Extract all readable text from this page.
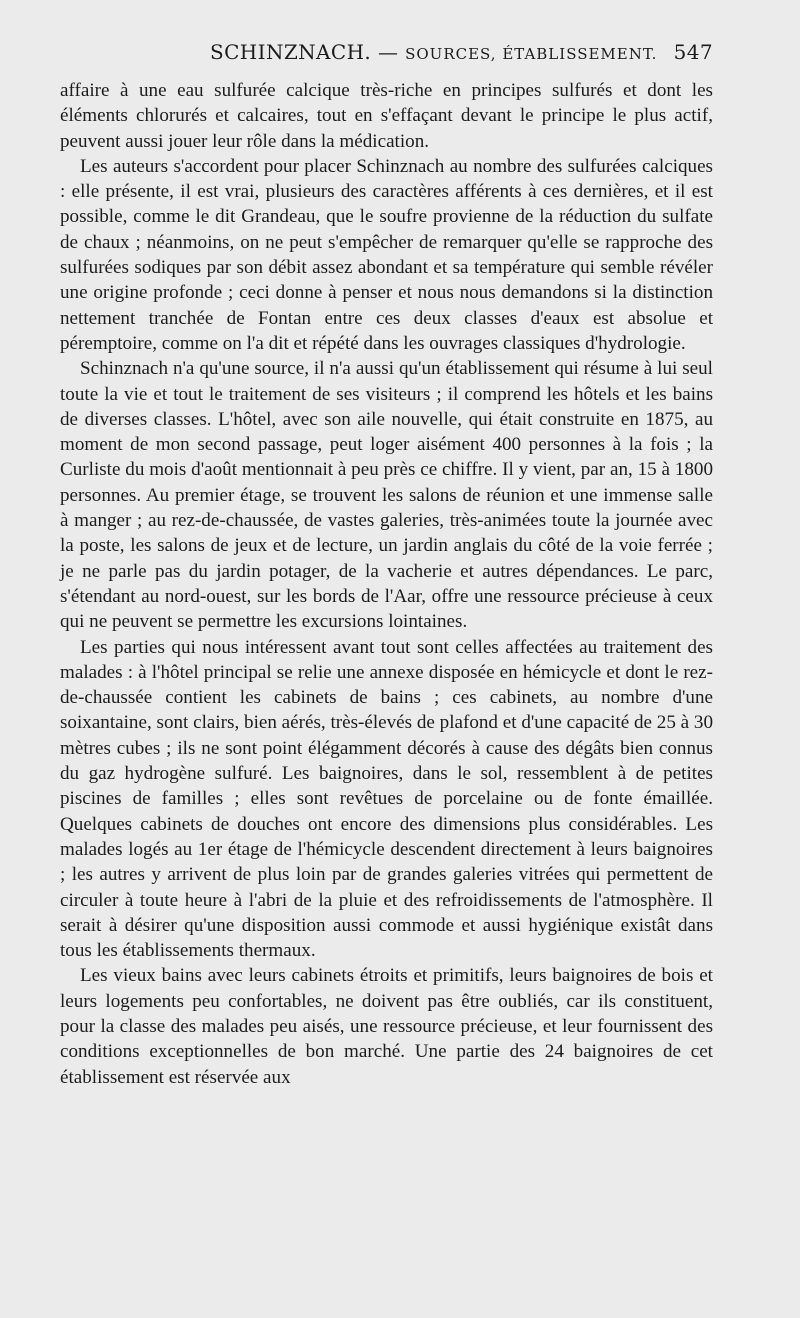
SCHINZNACH. — SOURCES, ÉTABLISSEMENT. 547

affaire à une eau sulfurée calcique très-riche en principes sulfurés et dont les éléments chlorurés et calcaires, tout en s'effaçant devant le principe le plus actif, peuvent aussi jouer leur rôle dans la médication.

Les auteurs s'accordent pour placer Schinznach au nombre des sulfurées calciques : elle présente, il est vrai, plusieurs des caractères afférents à ces dernières, et il est possible, comme le dit Grandeau, que le soufre provienne de la réduction du sulfate de chaux ; néanmoins, on ne peut s'empêcher de remarquer qu'elle se rapproche des sulfurées sodiques par son débit assez abondant et sa température qui semble révéler une origine profonde ; ceci donne à penser et nous nous demandons si la distinction nettement tranchée de Fontan entre ces deux classes d'eaux est absolue et péremptoire, comme on l'a dit et répété dans les ouvrages classiques d'hydrologie.

Schinznach n'a qu'une source, il n'a aussi qu'un établissement qui résume à lui seul toute la vie et tout le traitement de ses visiteurs ; il comprend les hôtels et les bains de diverses classes. L'hôtel, avec son aile nouvelle, qui était construite en 1875, au moment de mon second passage, peut loger aisément 400 personnes à la fois ; la Curliste du mois d'août mentionnait à peu près ce chiffre. Il y vient, par an, 15 à 1800 personnes. Au premier étage, se trouvent les salons de réunion et une immense salle à manger ; au rez-de-chaussée, de vastes galeries, très-animées toute la journée avec la poste, les salons de jeux et de lecture, un jardin anglais du côté de la voie ferrée ; je ne parle pas du jardin potager, de la vacherie et autres dépendances. Le parc, s'étendant au nord-ouest, sur les bords de l'Aar, offre une ressource précieuse à ceux qui ne peuvent se permettre les excursions lointaines.

Les parties qui nous intéressent avant tout sont celles affectées au traitement des malades : à l'hôtel principal se relie une annexe disposée en hémicycle et dont le rez-de-chaussée contient les cabinets de bains ; ces cabinets, au nombre d'une soixantaine, sont clairs, bien aérés, très-élevés de plafond et d'une capacité de 25 à 30 mètres cubes ; ils ne sont point élégamment décorés à cause des dégâts bien connus du gaz hydrogène sulfuré. Les baignoires, dans le sol, ressemblent à de petites piscines de familles ; elles sont revêtues de porcelaine ou de fonte émaillée. Quelques cabinets de douches ont encore des dimensions plus considérables. Les malades logés au 1er étage de l'hémicycle descendent directement à leurs baignoires ; les autres y arrivent de plus loin par de grandes galeries vitrées qui permettent de circuler à toute heure à l'abri de la pluie et des refroidissements de l'atmosphère. Il serait à désirer qu'une disposition aussi commode et aussi hygiénique existât dans tous les établissements thermaux.

Les vieux bains avec leurs cabinets étroits et primitifs, leurs baignoires de bois et leurs logements peu confortables, ne doivent pas être oubliés, car ils constituent, pour la classe des malades peu aisés, une ressource précieuse, et leur fournissent des conditions exceptionnelles de bon marché. Une partie des 24 baignoires de cet établissement est réservée aux
